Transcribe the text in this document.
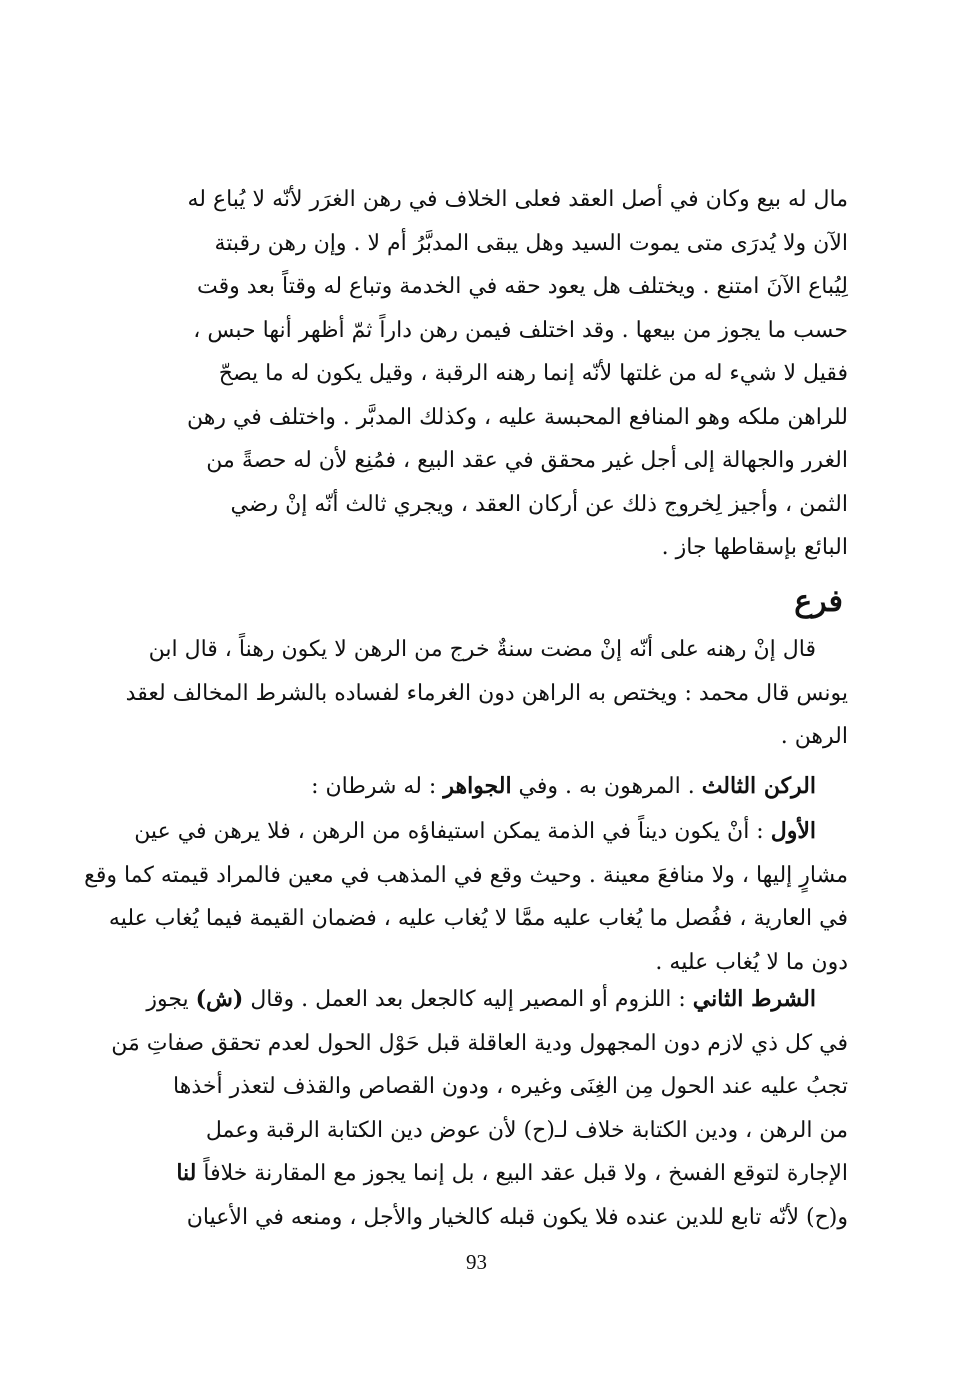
مال له بيع وكان في أصل العقد فعلى الخلاف في رهن الغرَر لأنّه لا يُباع له
الآن ولا يُدرَى متى يموت السيد وهل يبقى المدبَّرُ أم لا . وإن رهن رقبتة
لِيُباع الآنَ امتنع . ويختلف هل يعود حقه في الخدمة وتباع له وقتاً بعد وقت
حسب ما يجوز من بيعها . وقد اختلف فيمن رهن داراً ثمّ أظهر أنها حبس ،
فقيل لا شيء له من غلتها لأنّه إنما رهنه الرقبة ، وقيل يكون له ما يصحّ
للراهن ملكه وهو المنافع المحبسة عليه ، وكذلك المدبَّر . واختلف في رهن
الغرر والجهالة إلى أجل غير محقق في عقد البيع ، فمُنِع لأن له حصةً من
الثمن ، وأجيز لِخروج ذلك عن أركان العقد ، ويجري ثالث أنّه إنْ رضي
البائع بإسقاطها جاز .
فرع
قال إنْ رهنه على أنّه إنْ مضت سنةٌ خرج من الرهن لا يكون رهناً ، قال ابن
يونس قال محمد : ويختص به الراهن دون الغرماء لفساده بالشرط المخالف لعقد
الرهن .
الركن الثالث . المرهون به . وفي الجواهر : له شرطان :
الأول : أنْ يكون ديناً في الذمة يمكن استيفاؤه من الرهن ، فلا يرهن في عين
مشارٍ إليها ، ولا منافعَ معينة . وحيث وقع في المذهب في معين فالمراد قيمته كما وقع
في العارية ، ففُصل ما يُغاب عليه ممَّا لا يُغاب عليه ، فضمان القيمة فيما يُغاب عليه
دون ما لا يُغاب عليه .
الشرط الثاني : اللزوم أو المصير إليه كالجعل بعد العمل . وقال (ش) يجوز
في كل ذي لازم دون المجهول ودية العاقلة قبل حَوْل الحول لعدم تحقق صفاتِ مَن
تجبُ عليه عند الحول مِن الغِنَى وغيره ، ودون القصاص والقذف لتعذر أخذها
من الرهن ، ودين الكتابة خلاف لـ(ح) لأن عوض دين الكتابة الرقبة وعمل
الإجارة لتوقع الفسخ ، ولا قبل عقد البيع ، بل إنما يجوز مع المقارنة خلافاً لنا
و(ح) لأنّه تابع للدين عنده فلا يكون قبله كالخيار والأجل ، ومنعه في الأعيان
93
